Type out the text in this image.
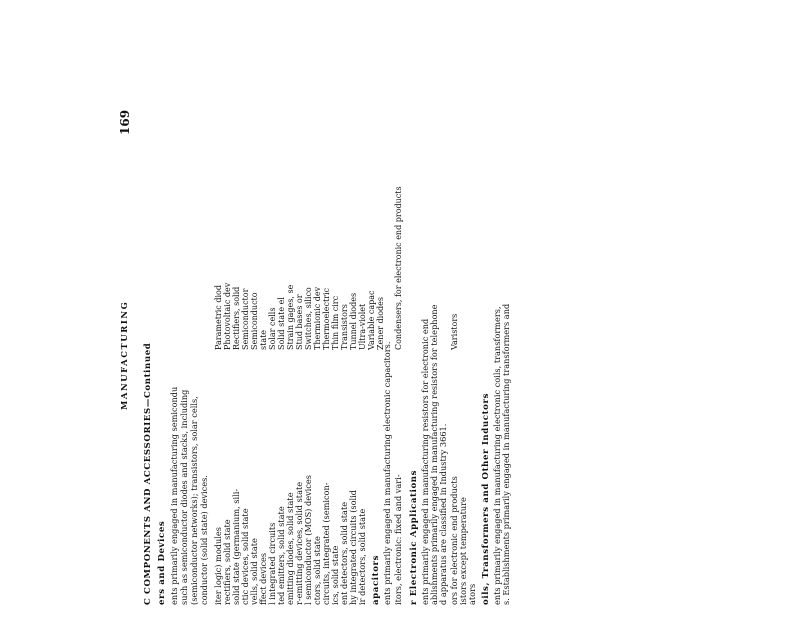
MANUFACTURING C COMPONENTS AND ACCESSORIES—Continued ers and Devices ents primarily engaged in manufacturing semicondu such as semiconductor diodes and stacks, including (semiconductor networks); transistors, solar cells, conductor (solid state) devices. iter logic) modules rectifiers, solid state solid state (germanium, sili- ctic devices, solid state vells, solid state ffect devices l integrated circuits ted emitters, solid state emitting diodes, solid state r-emitting devices, solid state l semiconductor (MOS) devices ctors, solid state circuits, integrated (semicon- ics, solid state ent detectors, solid state hy integrated circuits (solid ir detectors, solid state
Parametric diod Photovoltaic dev Rectifiers, solid Semiconductor Semiconducto state Solar cells Solid state el Strain gages, se Stud bases or Switches, silico Thermionic dev Thermoelectric Thin film circ Transistors Tunnel diodes Ultra-violet Variable capac Zener diodes
apacitors ents primarily engaged in manufacturing electronic capacitors. itors, electronic: fixed and vari-
Condensers, for electronic end products
r Electronic Applications ents primarily engaged in manufacturing resistors for electronic end ablishments primarily engaged in manufacturing resistors for telephone d apparatus are classified in Industry 3661. ors for electronic end products
Varistors
istors except temperature ators oils, Transformers and Other Inductors ents primarily engaged in manufacturing electronic coils, transformers, s. Establishments primarily engaged in manufacturing transformers and
169
